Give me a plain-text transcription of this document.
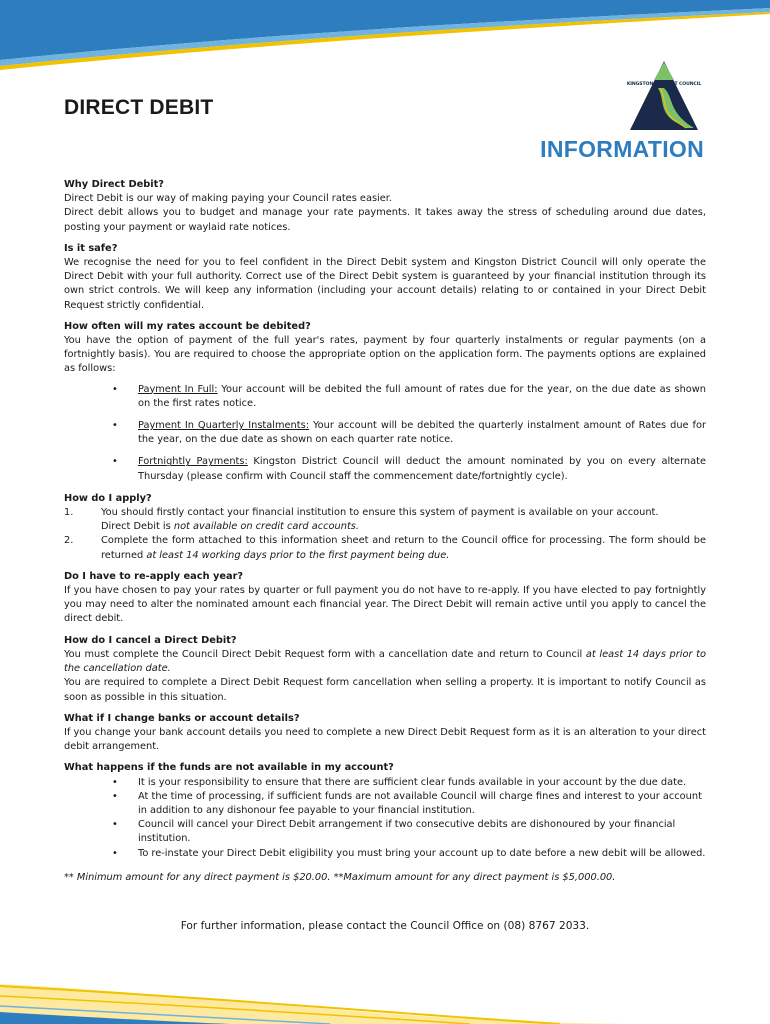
KINGSTON DISTRICT COUNCIL
DIRECT DEBIT
INFORMATION

Why Direct Debit?

Direct Debit is our way of making paying your Council rates easier.

Direct debit allows you to budget and manage your rate payments. It takes away the stress of scheduling around due dates, posting your payment or waylaid rate notices.

Is it safe?

We recognise the need for you to feel confident in the Direct Debit system and Kingston District Council will only operate the Direct Debit with your full authority. Correct use of the Direct Debit system is guaranteed by your financial institution through its own strict controls. We will keep any information (including your account details) relating to or contained in your Direct Debit Request strictly confidential.

How often will my rates account be debited?

You have the option of payment of the full year's rates, payment by four quarterly instalments or regular payments (on a fortnightly basis). You are required to choose the appropriate option on the application form. The payments options are explained as follows:

• Payment In Full: Your account will be debited the full amount of rates due for the year, on the due date as shown on the first rates notice.
• Payment In Quarterly Instalments: Your account will be debited the quarterly instalment amount of Rates due for the year, on the due date as shown on each quarter rate notice.
• Fortnightly Payments: Kingston District Council will deduct the amount nominated by you on every alternate Thursday (please confirm with Council staff the commencement date/fortnightly cycle).

How do I apply?

1.	You should firstly contact your financial institution to ensure this system of payment is available on your account.
Direct Debit is not available on credit card accounts.
2.	Complete the form attached to this information sheet and return to the Council office for processing. The form should be returned at least 14 working days prior to the first payment being due.

Do I have to re-apply each year?

If you have chosen to pay your rates by quarter or full payment you do not have to re-apply. If you have elected to pay fortnightly you may need to alter the nominated amount each financial year. The Direct Debit will remain active until you apply to cancel the direct debit.

How do I cancel a Direct Debit?

You must complete the Council Direct Debit Request form with a cancellation date and return to Council at least 14 days prior to the cancellation date.

You are required to complete a Direct Debit Request form cancellation when selling a property. It is important to notify Council as soon as possible in this situation.

What if I change banks or account details?

If you change your bank account details you need to complete a new Direct Debit Request form as it is an alteration to your direct debit arrangement.

What happens if the funds are not available in my account?

• It is your responsibility to ensure that there are sufficient clear funds available in your account by the due date.
• At the time of processing, if sufficient funds are not available Council will charge fines and interest to your account in addition to any dishonour fee payable to your financial institution.
• Council will cancel your Direct Debit arrangement if two consecutive debits are dishonoured by your financial institution.
• To re-instate your Direct Debit eligibility you must bring your account up to date before a new debit will be allowed.

** Minimum amount for any direct payment is $20.00. **Maximum amount for any direct payment is $5,000.00.

For further information, please contact the Council Office on (08) 8767 2033.
